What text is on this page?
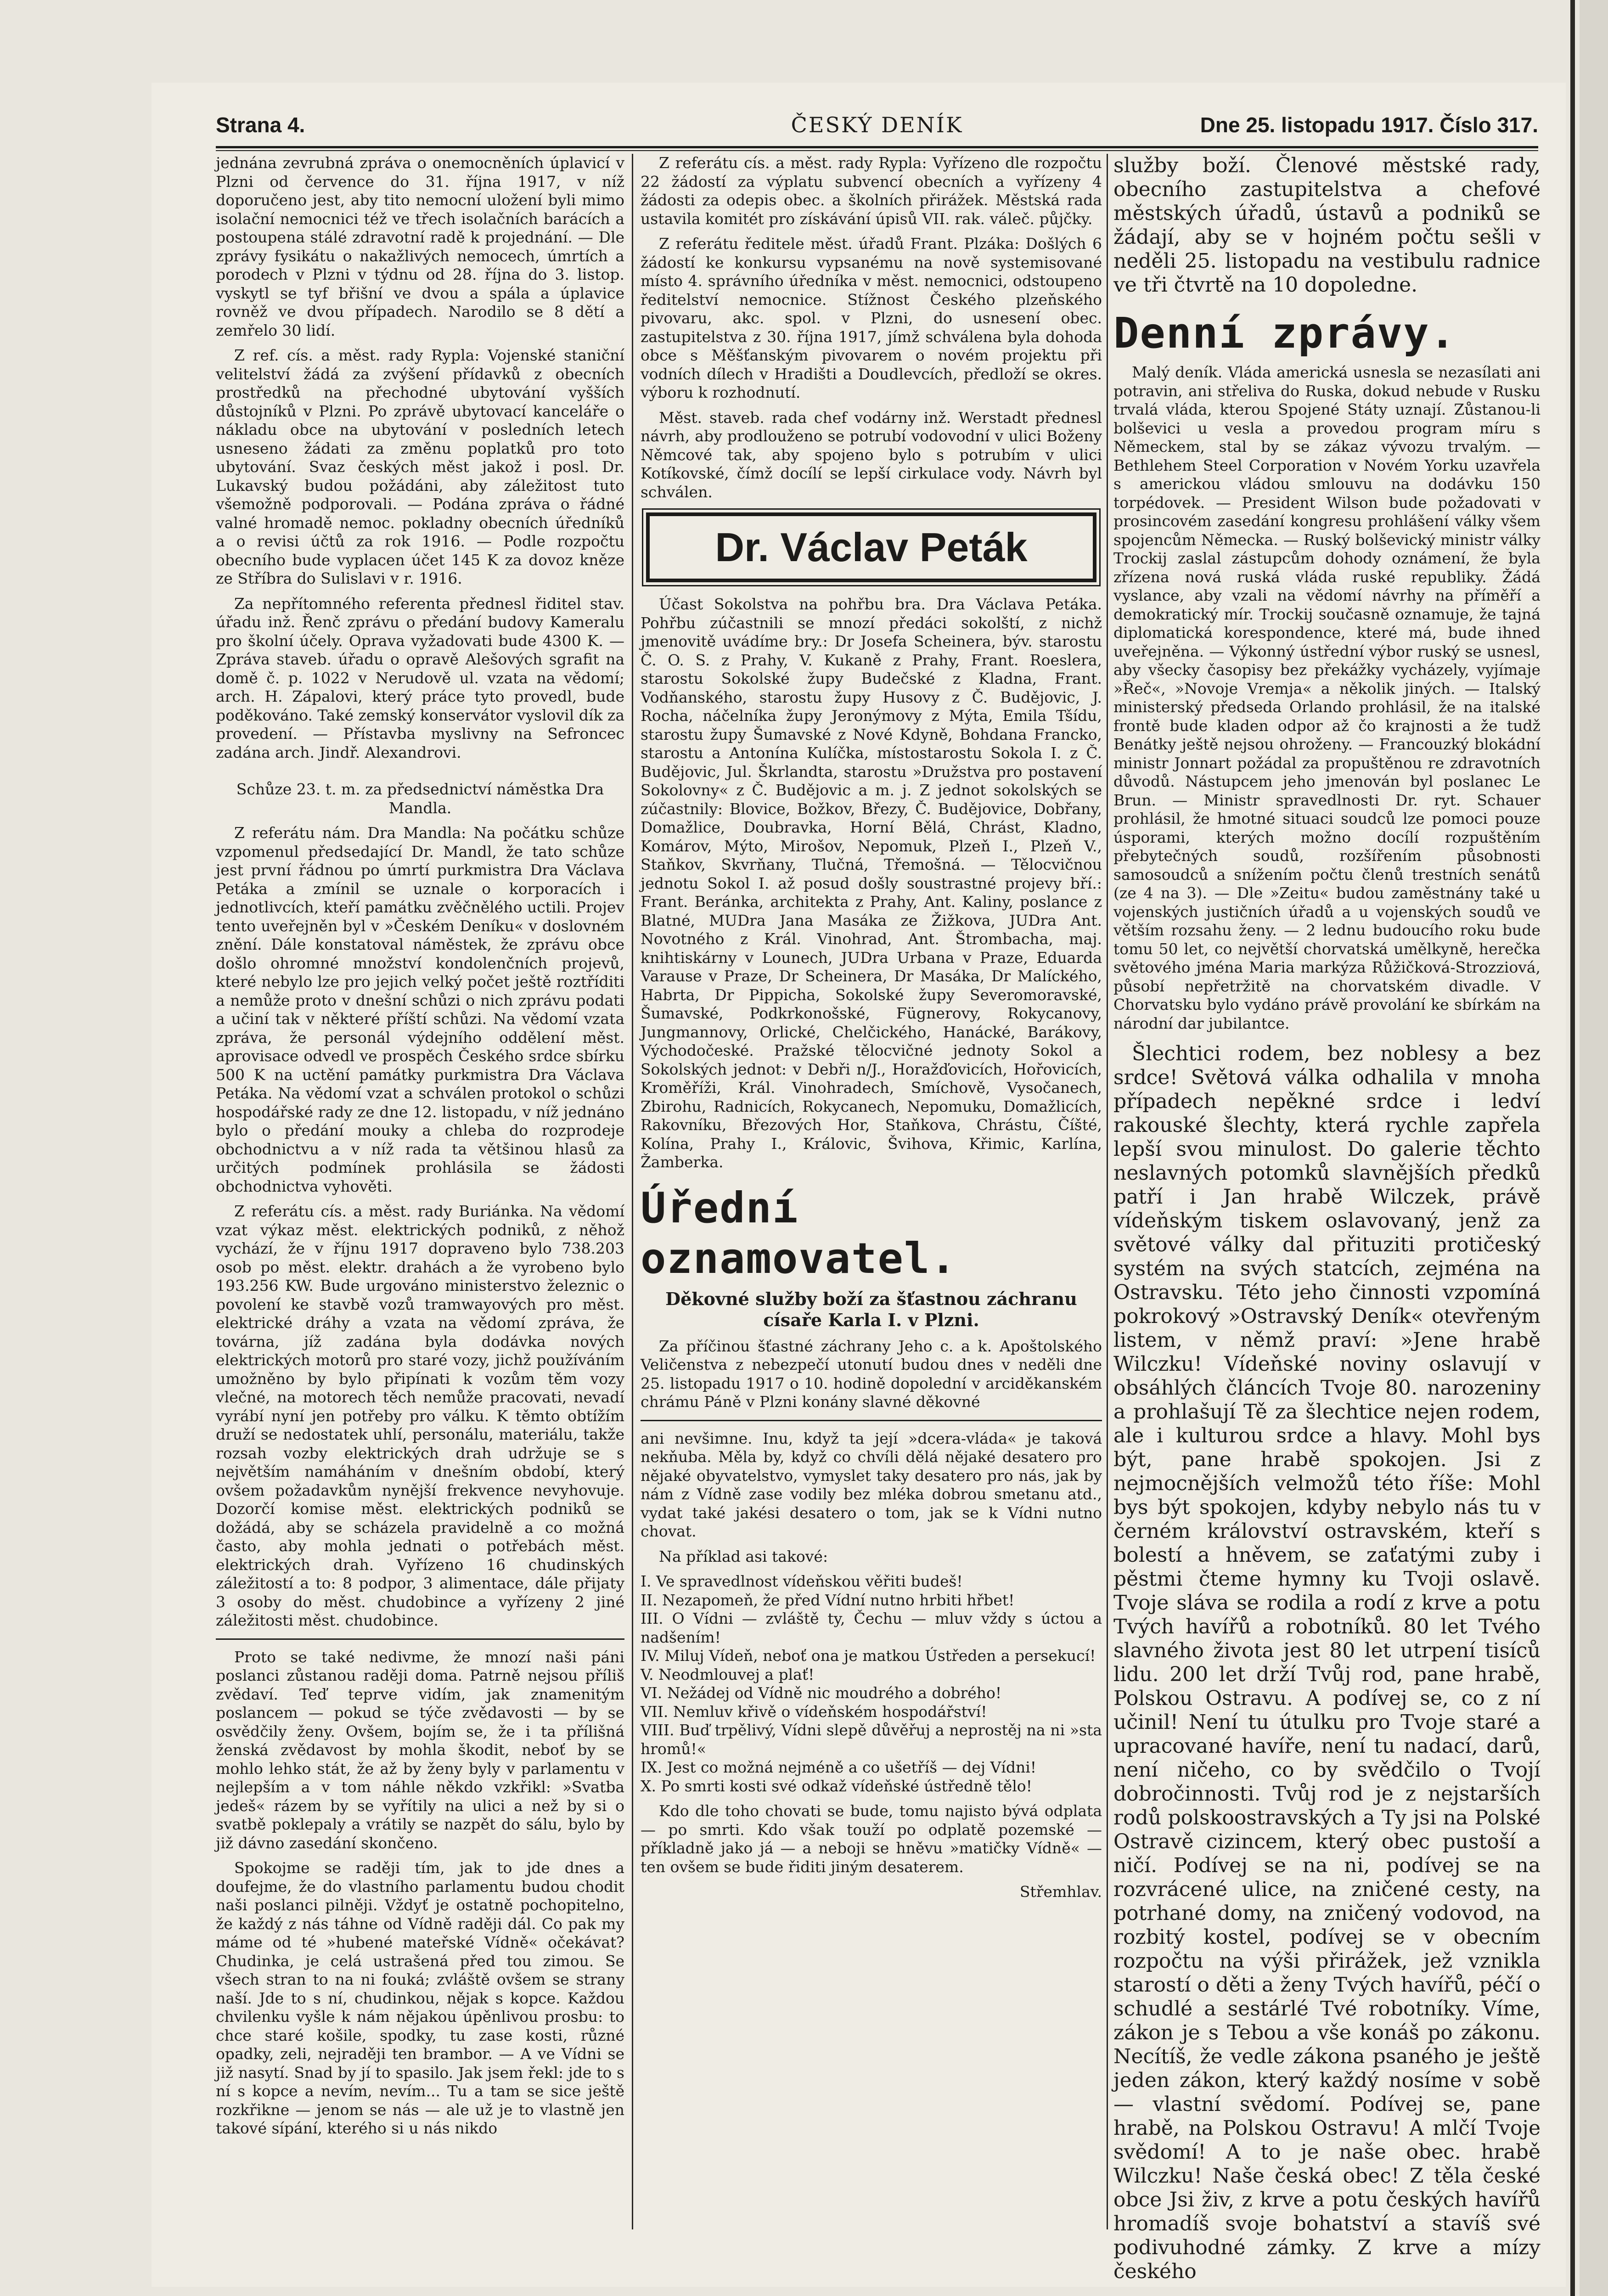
Strana 4.	ČESKÝ DENÍK	Dne 25. listopadu 1917. Číslo 317.

jednána zevrubná zpráva o onemocněních úplavicí v Plzni od července do 31. října 1917, v níž doporučeno jest, aby tito nemocní uložení byli mimo isolační nemocnici též ve třech isolačních barácích a postoupena stálé zdravotní radě k projednání. — Dle zprávy fysikátu o nakažlivých nemocech, úmrtích a porodech v Plzni v týdnu od 28. října do 3. listop. vyskytl se tyf břišní ve dvou a spála a úplavice rovněž ve dvou případech. Narodilo se 8 dětí a zemřelo 30 lidí.

Z ref. cís. a měst. rady Rypla: Vojenské staniční velitelství žádá za zvýšení přídavků z obecních prostředků na přechodné ubytování vyšších důstojníků v Plzni. Po zprávě ubytovací kanceláře o nákladu obce na ubytování v posledních letech usneseno žádati za změnu poplatků pro toto ubytování. Svaz českých měst jakož i posl. Dr. Lukavský budou požádáni, aby záležitost tuto všemožně podporovali. — Podána zpráva o řádné valné hromadě nemoc. pokladny obecních úředníků a o revisi účtů za rok 1916. — Podle rozpočtu obecního bude vyplacen účet 145 K za dovoz kněze ze Stříbra do Sulislavi v r. 1916.

Za nepřítomného referenta přednesl řiditel stav. úřadu inž. Řenč zprávu o předání budovy Kameralu pro školní účely. Oprava vyžadovati bude 4300 K. — Zpráva staveb. úřadu o opravě Alešových sgrafit na domě č. p. 1022 v Nerudově ul. vzata na vědomí; arch. H. Zápalovi, který práce tyto provedl, bude poděkováno. Také zemský konservátor vyslovil dík za provedení. — Přístavba myslivny na Sefroncec zadána arch. Jindř. Alexandrovi.

Schůze 23. t. m. za předsednictví náměstka Dra Mandla.

Z referátu nám. Dra Mandla: Na počátku schůze vzpomenul předsedající Dr. Mandl, že tato schůze jest první řádnou po úmrtí purkmistra Dra Václava Petáka a zmínil se uznale o korporacích i jednotlivcích, kteří památku zvěčnělého uctili. Projev tento uveřejněn byl v »Českém Deníku« v doslovném znění. Dále konstatoval náměstek, že zprávu obce došlo ohromné množství kondolenčních projevů, které nebylo lze pro jejich velký počet ještě roztříditi a nemůže proto v dnešní schůzi o nich zprávu podati a učiní tak v některé příští schůzi. Na vědomí vzata zpráva, že personál výdejního oddělení měst. aprovisace odvedl ve prospěch Českého srdce sbírku 500 K na uctění památky purkmistra Dra Václava Petáka. Na vědomí vzat a schválen protokol o schůzi hospodářské rady ze dne 12. listopadu, v níž jednáno bylo o předání mouky a chleba do rozprodeje obchodnictvu a v níž rada ta většinou hlasů za určitých podmínek prohlásila se žádosti obchodnictva vyhověti.

Z referátu cís. a měst. rady Buriánka. Na vědomí vzat výkaz měst. elektrických podniků, z něhož vychází, že v říjnu 1917 dopraveno bylo 738.203 osob po měst. elektr. drahách a že vyrobeno bylo 193.256 KW. Bude urgováno ministerstvo železnic o povolení ke stavbě vozů tramwayových pro měst. elektrické dráhy a vzata na vědomí zpráva, že továrna, jíž zadána byla dodávka nových elektrických motorů pro staré vozy, jichž používáním umožněno by bylo připínati k vozům těm vozy vlečné, na motorech těch nemůže pracovati, nevadí vyrábí nyní jen potřeby pro válku. K těmto obtížím druží se nedostatek uhlí, personálu, materiálu, takže rozsah vozby elektrických drah udržuje se s největším namáháním v dnešním období, který ovšem požadavkům nynější frekvence nevyhovuje. Dozorčí komise měst. elektrických podniků se dožádá, aby se scházela pravidelně a co možná často, aby mohla jednati o potřebách měst. elektrických drah. Vyřízeno 16 chudinských záležitostí a to: 8 podpor, 3 alimentace, dále přijaty 3 osoby do měst. chudobince a vyřízeny 2 jiné záležitosti měst. chudobince.

Proto se také nedivme, že mnozí naši páni poslanci zůstanou raději doma. Patrně nejsou příliš zvědaví. Teď teprve vidím, jak znamenitým poslancem — pokud se týče zvědavosti — by se osvědčily ženy. Ovšem, bojím se, že i ta přílišná ženská zvědavost by mohla škodit, neboť by se mohlo lehko stát, že až by ženy byly v parlamentu v nejlepším a v tom náhle někdo vzkřikl: »Svatba jedeš« rázem by se vyřítily na ulici a než by si o svatbě poklepaly a vrátily se nazpět do sálu, bylo by již dávno zasedání skončeno.

Spokojme se raději tím, jak to jde dnes a doufejme, že do vlastního parlamentu budou chodit naši poslanci pilněji. Vždyť je ostatně pochopitelno, že každý z nás táhne od Vídně raději dál. Co pak my máme od té »hubené mateřské Vídně« očekávat? Chudinka, je celá ustrašená před tou zimou. Se všech stran to na ni fouká; zvláště ovšem se strany naší. Jde to s ní, chudinkou, nějak s kopce. Každou chvilenku vyšle k nám nějakou úpěnlivou prosbu: to chce staré košile, spodky, tu zase kosti, různé opadky, zeli, nejraději ten brambor. — A ve Vídni se již nasytí. Snad by jí to spasilo. Jak jsem řekl: jde to s ní s kopce a nevím, nevím... Tu a tam se sice ještě rozkřikne — jenom se nás — ale už je to vlastně jen takové sípání, kterého si u nás nikdo

Z referátu cís. a měst. rady Rypla: Vyřízeno dle rozpočtu 22 žádostí za výplatu subvencí obecních a vyřízeny 4 žádosti za odepis obec. a školních přirážek. Městská rada ustavila komitét pro získávání úpisů VII. rak. váleč. půjčky.

Z referátu ředitele měst. úřadů Frant. Plzáka: Došlých 6 žádostí ke konkursu vypsanému na nově systemisované místo 4. správního úředníka v měst. nemocnici, odstoupeno ředitelství nemocnice. Stížnost Českého plzeňského pivovaru, akc. spol. v Plzni, do usnesení obec. zastupitelstva z 30. října 1917, jímž schválena byla dohoda obce s Měšťanským pivovarem o novém projektu při vodních dílech v Hradišti a Doudlevcích, předloží se okres. výboru k rozhodnutí.

Měst. staveb. rada chef vodárny inž. Werstadt přednesl návrh, aby prodlouženo se potrubí vodovodní v ulici Boženy Němcové tak, aby spojeno bylo s potrubím v ulici Kotíkovské, čímž docílí se lepší cirkulace vody. Návrh byl schválen.

Dr. Václav Peták

Účast Sokolstva na pohřbu bra. Dra Václava Petáka. Pohřbu zúčastnili se mnozí předáci sokolští, z nichž jmenovitě uvádíme bry.: Dr Josefa Scheinera, býv. starostu Č. O. S. z Prahy, V. Kukaně z Prahy, Frant. Roeslera, starostu Sokolské župy Budečské z Kladna, Frant. Vodňanského, starostu župy Husovy z Č. Budějovic, J. Rocha, náčelníka župy Jeronýmovy z Mýta, Emila Tšídu, starostu župy Šumavské z Nové Kdyně, Bohdana Francko, starostu a Antonína Kulíčka, místostarostu Sokola I. z Č. Budějovic, Jul. Škrlandta, starostu »Družstva pro postavení Sokolovny« z Č. Budějovic a m. j. Z jednot sokolských se zúčastnily: Blovice, Božkov, Březy, Č. Budějovice, Dobřany, Domažlice, Doubravka, Horní Bělá, Chrást, Kladno, Komárov, Mýto, Mirošov, Nepomuk, Plzeň I., Plzeň V., Staňkov, Skvrňany, Tlučná, Třemošná. — Tělocvičnou jednotu Sokol I. až posud došly soustrastné projevy bří.: Frant. Beránka, architekta z Prahy, Ant. Kaliny, poslance z Blatné, MUDra Jana Masáka ze Žižkova, JUDra Ant. Novotného z Král. Vinohrad, Ant. Štrombacha, maj. knihtiskárny v Lounech, JUDra Urbana v Praze, Eduarda Varause v Praze, Dr Scheinera, Dr Masáka, Dr Malíckého, Habrta, Dr Pippicha, Sokolské župy Severomoravské, Šumavské, Podkrkonošské, Fügnerovy, Rokycanovy, Jungmannovy, Orlické, Chelčického, Hanácké, Barákovy, Východočeské. Pražské tělocvičné jednoty Sokol a Sokolských jednot: v Debři n/J., Horažďovicích, Hořovicích, Kroměříži, Král. Vinohradech, Smíchově, Vysočanech, Zbirohu, Radnicích, Rokycanech, Nepomuku, Domažlicích, Rakovníku, Březových Hor, Staňkova, Chrástu, Číšté, Kolína, Prahy I., Královic, Švihova, Křimic, Karlína, Žamberka.

Úřední oznamovatel.

Děkovné služby boží za šťastnou záchranu císaře Karla I. v Plzni.

Za příčinou šťastné záchrany Jeho c. a k. Apoštolského Veličenstva z nebezpečí utonutí budou dnes v neděli dne 25. listopadu 1917 o 10. hodině dopolední v arciděkanském chrámu Páně v Plzni konány slavné děkovné

ani nevšimne. Inu, když ta její »dcera-vláda« je taková nekňuba. Měla by, když co chvíli dělá nějaké desatero pro nějaké obyvatelstvo, vymyslet taky desatero pro nás, jak by nám z Vídně zase vodily bez mléka dobrou smetanu atd., vydat také jakési desatero o tom, jak se k Vídni nutno chovat.

Na příklad asi takové:

I. Ve spravedlnost vídeňskou věřiti budeš!

II. Nezapomeň, že před Vídní nutno hrbiti hřbet!

III. O Vídni — zvláště ty, Čechu — mluv vždy s úctou a nadšením!

IV. Miluj Vídeň, neboť ona je matkou Ústředen a persekucí!

V. Neodmlouvej a plať!

VI. Nežádej od Vídně nic moudrého a dobrého!

VII. Nemluv křivě o vídeňském hospodářství!

VIII. Buď trpělivý, Vídni slepě důvěřuj a neprostěj na ni »sta hromů!«

IX. Jest co možná nejméně a co ušetříš — dej Vídni!

X. Po smrti kosti své odkaž vídeňské ústředně tělo!

Kdo dle toho chovati se bude, tomu najisto bývá odplata — po smrti. Kdo však touží po odplatě pozemské — příkladně jako já — a neboji se hněvu »matičky Vídně« — ten ovšem se bude řiditi jiným desaterem.

Střemhlav.

služby boží. Členové městské rady, obecního zastupitelstva a chefové městských úřadů, ústavů a podniků se žádají, aby se v hojném počtu sešli v neděli 25. listopadu na vestibulu radnice ve tři čtvrtě na 10 dopoledne.

Denní zprávy.

Malý deník. Vláda americká usnesla se nezasílati ani potravin, ani střeliva do Ruska, dokud nebude v Rusku trvalá vláda, kterou Spojené Státy uznají. Zůstanou-li bolševici u vesla a provedou program míru s Německem, stal by se zákaz vývozu trvalým. — Bethlehem Steel Corporation v Novém Yorku uzavřela s americkou vládou smlouvu na dodávku 150 torpédovek. — President Wilson bude požadovati v prosincovém zasedání kongresu prohlášení války všem spojencům Německa. — Ruský bolševický ministr války Trockij zaslal zástupcům dohody oznámení, že byla zřízena nová ruská vláda ruské republiky. Žádá vyslance, aby vzali na vědomí návrhy na příměří a demokratický mír. Trockij současně oznamuje, že tajná diplomatická korespondence, které má, bude ihned uveřejněna. — Výkonný ústřední výbor ruský se usnesl, aby všecky časopisy bez překážky vycházely, vyjímaje »Řeč«, »Novoje Vremja« a několik jiných. — Italský ministerský předseda Orlando prohlásil, že na italské frontě bude kladen odpor až čo krajnosti a že tudž Benátky ještě nejsou ohroženy. — Francouzký blokádní ministr Jonnart požádal za propuštěnou re zdravotních důvodů. Nástupcem jeho jmenován byl poslanec Le Brun. — Ministr spravedlnosti Dr. ryt. Schauer prohlásil, že hmotné situaci soudců lze pomoci pouze úsporami, kterých možno docílí rozpuštěním přebytečných soudů, rozšířením působnosti samosoudců a snížením počtu členů trestních senátů (ze 4 na 3). — Dle »Zeitu« budou zaměstnány také u vojenských justičních úřadů a u vojenských soudů ve větším rozsahu ženy. — 2 lednu budoucího roku bude tomu 50 let, co největší chorvatská umělkyně, herečka světového jména Maria markýza Růžičková-Strozziová, působí nepřetržitě na chorvatském divadle. V Chorvatsku bylo vydáno právě provolání ke sbírkám na národní dar jubilantce.

Šlechtici rodem, bez noblesy a bez srdce! Světová válka odhalila v mnoha případech nepěkné srdce i ledví rakouské šlechty, která rychle zapřela lepší svou minulost. Do galerie těchto neslavných potomků slavnějších předků patří i Jan hrabě Wilczek, právě vídeňským tiskem oslavovaný, jenž za světové války dal přituziti protičeský systém na svých statcích, zejména na Ostravsku. Této jeho činnosti vzpomíná pokrokový »Ostravský Deník« otevřeným listem, v němž praví: »Jene hrabě Wilczku! Vídeňské noviny oslavují v obsáhlých článcích Tvoje 80. narozeniny a prohlašují Tě za šlechtice nejen rodem, ale i kulturou srdce a hlavy. Mohl bys být, pane hrabě spokojen. Jsi z nejmocnějších velmožů této říše: Mohl bys být spokojen, kdyby nebylo nás tu v černém království ostravském, kteří s bolestí a hněvem, se zaťatými zuby i pěstmi čteme hymny ku Tvoji oslavě. Tvoje sláva se rodila a rodí z krve a potu Tvých havířů a robotníků. 80 let Tvého slavného života jest 80 let utrpení tisíců lidu. 200 let drží Tvůj rod, pane hrabě, Polskou Ostravu. A podívej se, co z ní učinil! Není tu útulku pro Tvoje staré a upracované havíře, není tu nadací, darů, není ničeho, co by svědčilo o Tvojí dobročinnosti. Tvůj rod je z nejstarších rodů polskoostravských a Ty jsi na Polské Ostravě cizincem, který obec pustoší a ničí. Podívej se na ni, podívej se na rozvrácené ulice, na zničené cesty, na potrhané domy, na zničený vodovod, na rozbitý kostel, podívej se v obecním rozpočtu na výši přirážek, jež vznikla starostí o děti a ženy Tvých havířů, péčí o schudlé a sestárlé Tvé robotníky. Víme, zákon je s Tebou a vše konáš po zákonu. Necítíš, že vedle zákona psaného je ještě jeden zákon, který každý nosíme v sobě — vlastní svědomí. Podívej se, pane hrabě, na Polskou Ostravu! A mlčí Tvoje svědomí! A to je naše obec. hrabě Wilczku! Naše česká obec! Z těla české obce Jsi živ, z krve a potu českých havířů hromadíš svoje bohatství a stavíš své podivuhodné zámky. Z krve a mízy českého
